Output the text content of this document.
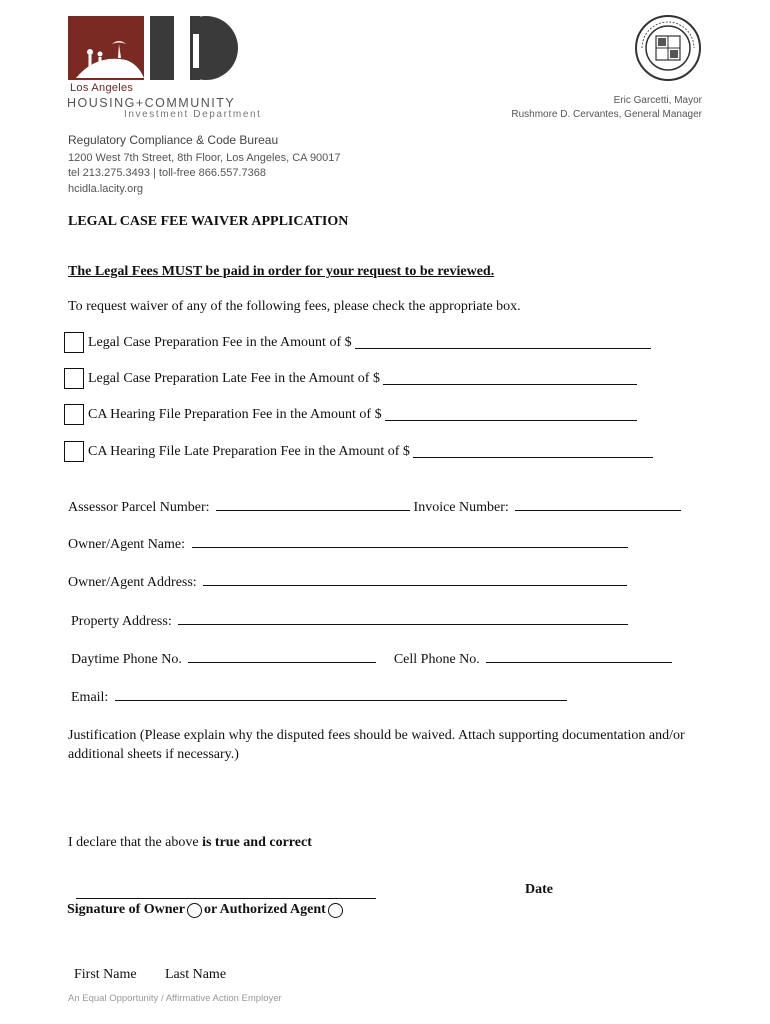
Los Angeles
HOUSING+COMMUNITY
Investment Department
Eric Garcetti, Mayor
Rushmore D. Cervantes, General Manager
Regulatory Compliance & Code Bureau
1200 West 7th Street, 8th Floor, Los Angeles, CA 90017
tel 213.275.3493 | toll-free 866.557.7368
hcidla.lacity.org
LEGAL CASE FEE WAIVER APPLICATION
The Legal Fees MUST be paid in order for your request to be reviewed.
To request waiver of any of the following fees, please check the appropriate box.
Legal Case Preparation Fee in the Amount of $
Legal Case Preparation Late Fee in the Amount of $
CA Hearing File Preparation Fee in the Amount of $
CA Hearing File Late Preparation Fee in the Amount of $
Assessor Parcel Number:	Invoice Number:
Owner/Agent Name:
Owner/Agent Address:
Property Address:
Daytime Phone No.	Cell Phone No.
Email:
Justification (Please explain why the disputed fees should be waived. Attach supporting documentation and/or additional sheets if necessary.)
I declare that the above is true and correct
Date
Signature of Owner or Authorized Agent
First Name Last Name
An Equal Opportunity / Affirmative Action Employer
